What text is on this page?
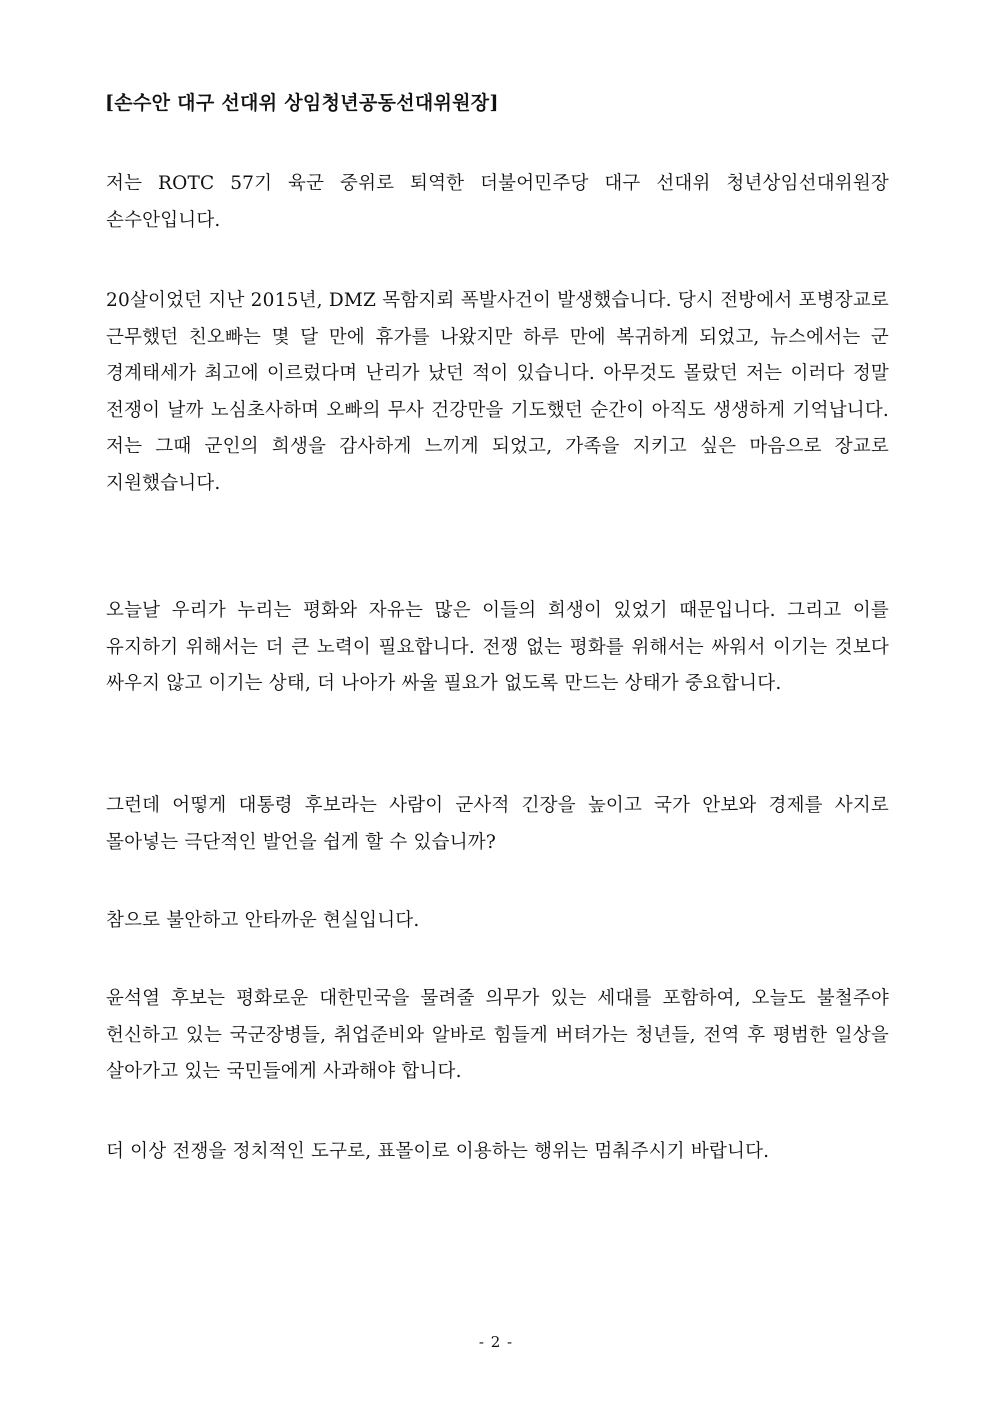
[손수안 대구 선대위 상임청년공동선대위원장]

저는 ROTC 57기 육군 중위로 퇴역한 더불어민주당 대구 선대위 청년상임선대위원장 손수안입니다.

20살이었던 지난 2015년, DMZ 목함지뢰 폭발사건이 발생했습니다. 당시 전방에서 포병장교로 근무했던 친오빠는 몇 달 만에 휴가를 나왔지만 하루 만에 복귀하게 되었고, 뉴스에서는 군 경계태세가 최고에 이르렀다며 난리가 났던 적이 있습니다. 아무것도 몰랐던 저는 이러다 정말 전쟁이 날까 노심초사하며 오빠의 무사 건강만을 기도했던 순간이 아직도 생생하게 기억납니다. 저는 그때 군인의 희생을 감사하게 느끼게 되었고, 가족을 지키고 싶은 마음으로 장교로 지원했습니다.

오늘날 우리가 누리는 평화와 자유는 많은 이들의 희생이 있었기 때문입니다. 그리고 이를 유지하기 위해서는 더 큰 노력이 필요합니다. 전쟁 없는 평화를 위해서는 싸워서 이기는 것보다 싸우지 않고 이기는 상태, 더 나아가 싸울 필요가 없도록 만드는 상태가 중요합니다.

그런데 어떻게 대통령 후보라는 사람이 군사적 긴장을 높이고 국가 안보와 경제를 사지로 몰아넣는 극단적인 발언을 쉽게 할 수 있습니까?

참으로 불안하고 안타까운 현실입니다.

윤석열 후보는 평화로운 대한민국을 물려줄 의무가 있는 세대를 포함하여, 오늘도 불철주야 헌신하고 있는 국군장병들, 취업준비와 알바로 힘들게 버텨가는 청년들, 전역 후 평범한 일상을 살아가고 있는 국민들에게 사과해야 합니다.

더 이상 전쟁을 정치적인 도구로, 표몰이로 이용하는 행위는 멈춰주시기 바랍니다.

- 2 -
